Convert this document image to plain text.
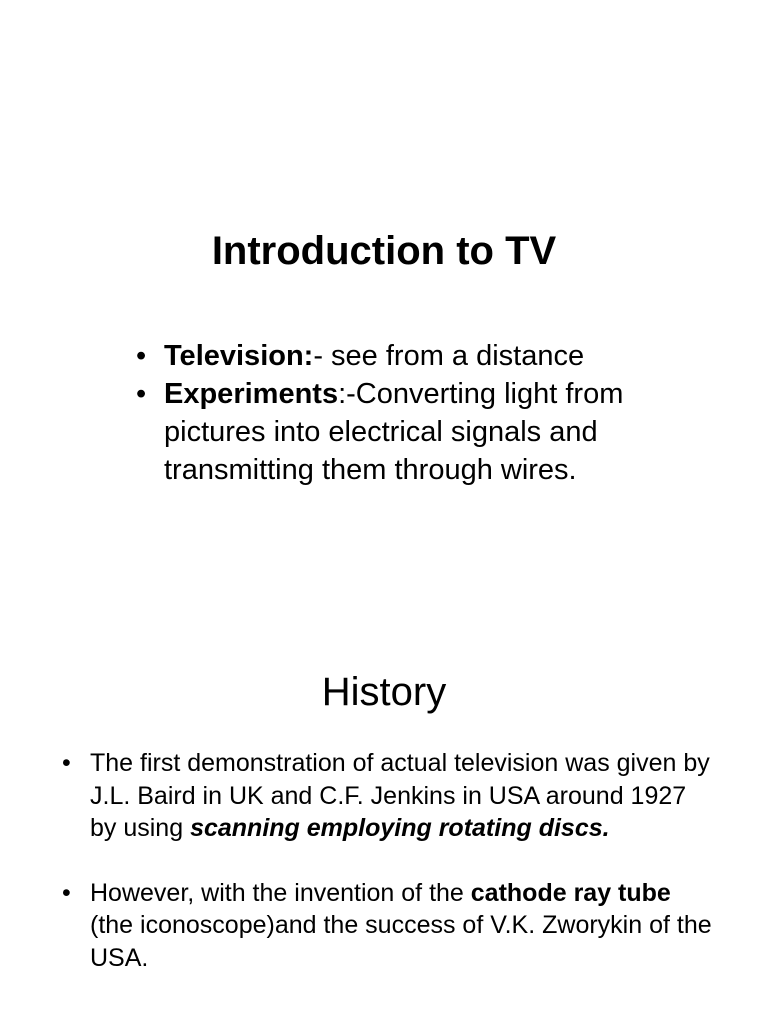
Introduction to TV
• Television:- see from a distance
• Experiments:-Converting light from pictures into electrical signals and transmitting them through wires.
History
• The first demonstration of actual television was given by J.L. Baird in UK and C.F. Jenkins in USA around 1927 by using scanning employing rotating discs.
• However, with the invention of the cathode ray tube (the iconoscope)and the success of V.K. Zworykin of the USA.
